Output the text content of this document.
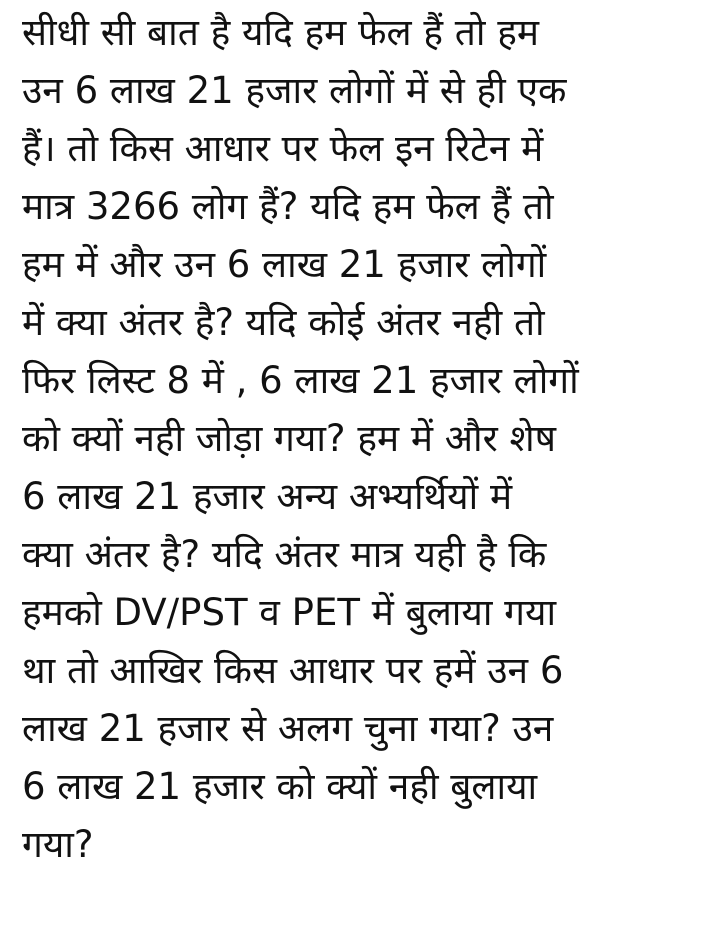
सीधी सी बात है यदि हम फेल हैं तो हम
उन 6 लाख 21 हजार लोगों में से ही एक
हैं। तो किस आधार पर फेल इन रिटेन में
मात्र 3266 लोग हैं? यदि हम फेल हैं तो
हम में और उन 6 लाख 21 हजार लोगों
में क्या अंतर है? यदि कोई अंतर नही तो
फिर लिस्ट 8 में , 6 लाख 21 हजार लोगों
को क्यों नही जोड़ा गया? हम में और शेष
6 लाख 21 हजार अन्य अभ्यर्थियों में
क्या अंतर है? यदि अंतर मात्र यही है कि
हमको DV/PST व PET में बुलाया गया
था तो आखिर किस आधार पर हमें उन 6
लाख 21 हजार से अलग चुना गया? उन
6 लाख 21 हजार को क्यों नही बुलाया
गया?
